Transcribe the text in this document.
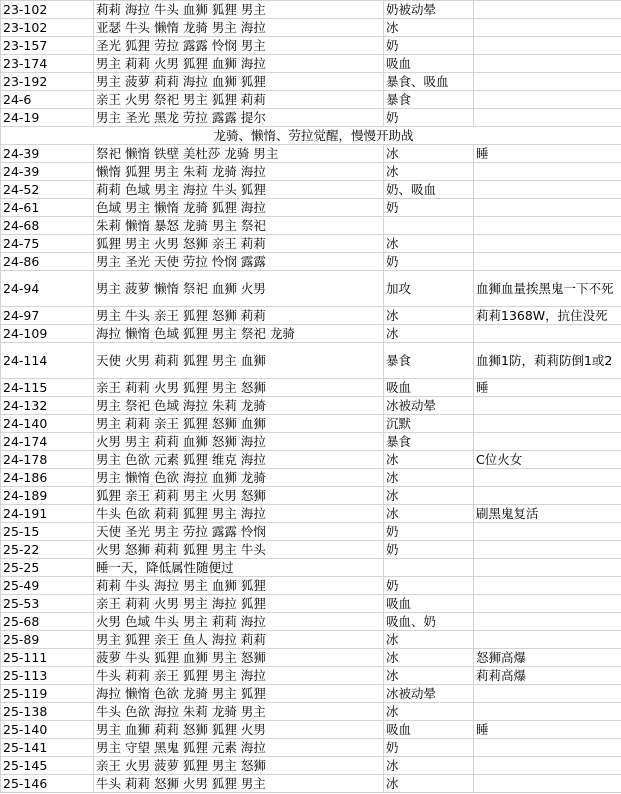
23-102	莉莉 海拉 牛头 血狮 狐狸 男主	奶被动晕	
23-102	亚瑟 牛头 懒惰 龙骑 男主 海拉	冰	
23-157	圣光 狐狸 劳拉 露露 怜悯 男主	奶	
23-174	男主 莉莉 火男 狐狸 血狮 海拉	吸血	
23-192	男主 菠萝 莉莉 海拉 血狮 狐狸	暴食、吸血	
24-6	亲王 火男 祭祀 男主 狐狸 莉莉	暴食	
24-19	男主 圣光 黑龙 劳拉 露露 提尔	奶	
龙骑、懒惰、劳拉觉醒，慢慢开助战			
24-39	祭祀 懒惰 铁壁 美杜莎 龙骑 男主	冰	睡
24-39	懒惰 狐狸 男主 朱莉 龙骑 海拉	冰	
24-52	莉莉 色域 男主 海拉 牛头 狐狸	奶、吸血	
24-61	色域 男主 懒惰 龙骑 狐狸 海拉	奶	
24-68	朱莉 懒惰 暴怒 龙骑 男主 祭祀		
24-75	狐狸 男主 火男 怒狮 亲王 莉莉	冰	
24-86	男主 圣光 天使 劳拉 怜悯 露露	奶	
24-94	男主 菠萝 懒惰 祭祀 血狮 火男	加攻	血狮血量挨黑鬼一下不死
24-97	男主 牛头 亲王 狐狸 怒狮 莉莉	冰	莉莉1368W，抗住没死
24-109	海拉 懒惰 色域 狐狸 男主 祭祀 龙骑	冰	
24-114	天使 火男 莉莉 狐狸 男主 血狮	暴食	血狮1防，莉莉防倒1或2
24-115	亲王 莉莉 火男 狐狸 男主 怒狮	吸血	睡
24-132	男主 祭祀 色域 海拉 朱莉 龙骑	冰被动晕	
24-140	男主 莉莉 亲王 狐狸 怒狮 血狮	沉默	
24-174	火男 男主 莉莉 血狮 怒狮 海拉	暴食	
24-178	男主 色欲 元素 狐狸 维克 海拉	冰	C位火女
24-186	男主 懒惰 色欲 海拉 血狮 龙骑	冰	
24-189	狐狸 亲王 莉莉 男主 火男 怒狮	冰	
24-191	牛头 色欲 莉莉 狐狸 男主 海拉	冰	刷黑鬼复活
25-15	天使 圣光 男主 劳拉 露露 怜悯	奶	
25-22	火男 怒狮 莉莉 狐狸 男主 牛头	奶	
25-25	睡一天，降低属性随便过		
25-49	莉莉 牛头 海拉 男主 血狮 狐狸	奶	
25-53	亲王 莉莉 火男 男主 海拉 狐狸	吸血	
25-68	火男 色域 牛头 男主 莉莉 海拉	吸血、奶	
25-89	男主 狐狸 亲王 鱼人 海拉 莉莉	冰	
25-111	菠萝 牛头 狐狸 血狮 男主 怒狮	冰	怒狮高爆
25-113	牛头 莉莉 亲王 狐狸 男主 海拉	冰	莉莉高爆
25-119	海拉 懒惰 色欲 龙骑 男主 狐狸	冰被动晕	
25-138	牛头 色欲 海拉 朱莉 龙骑 男主	冰	
25-140	男主 血狮 莉莉 怒狮 狐狸 火男	吸血	睡
25-141	男主 守望 黑鬼 狐狸 元素 海拉	奶	
25-145	亲王 火男 菠萝 狐狸 男主 怒狮	冰	
25-146	牛头 莉莉 怒狮 火男 狐狸 男主	冰	
